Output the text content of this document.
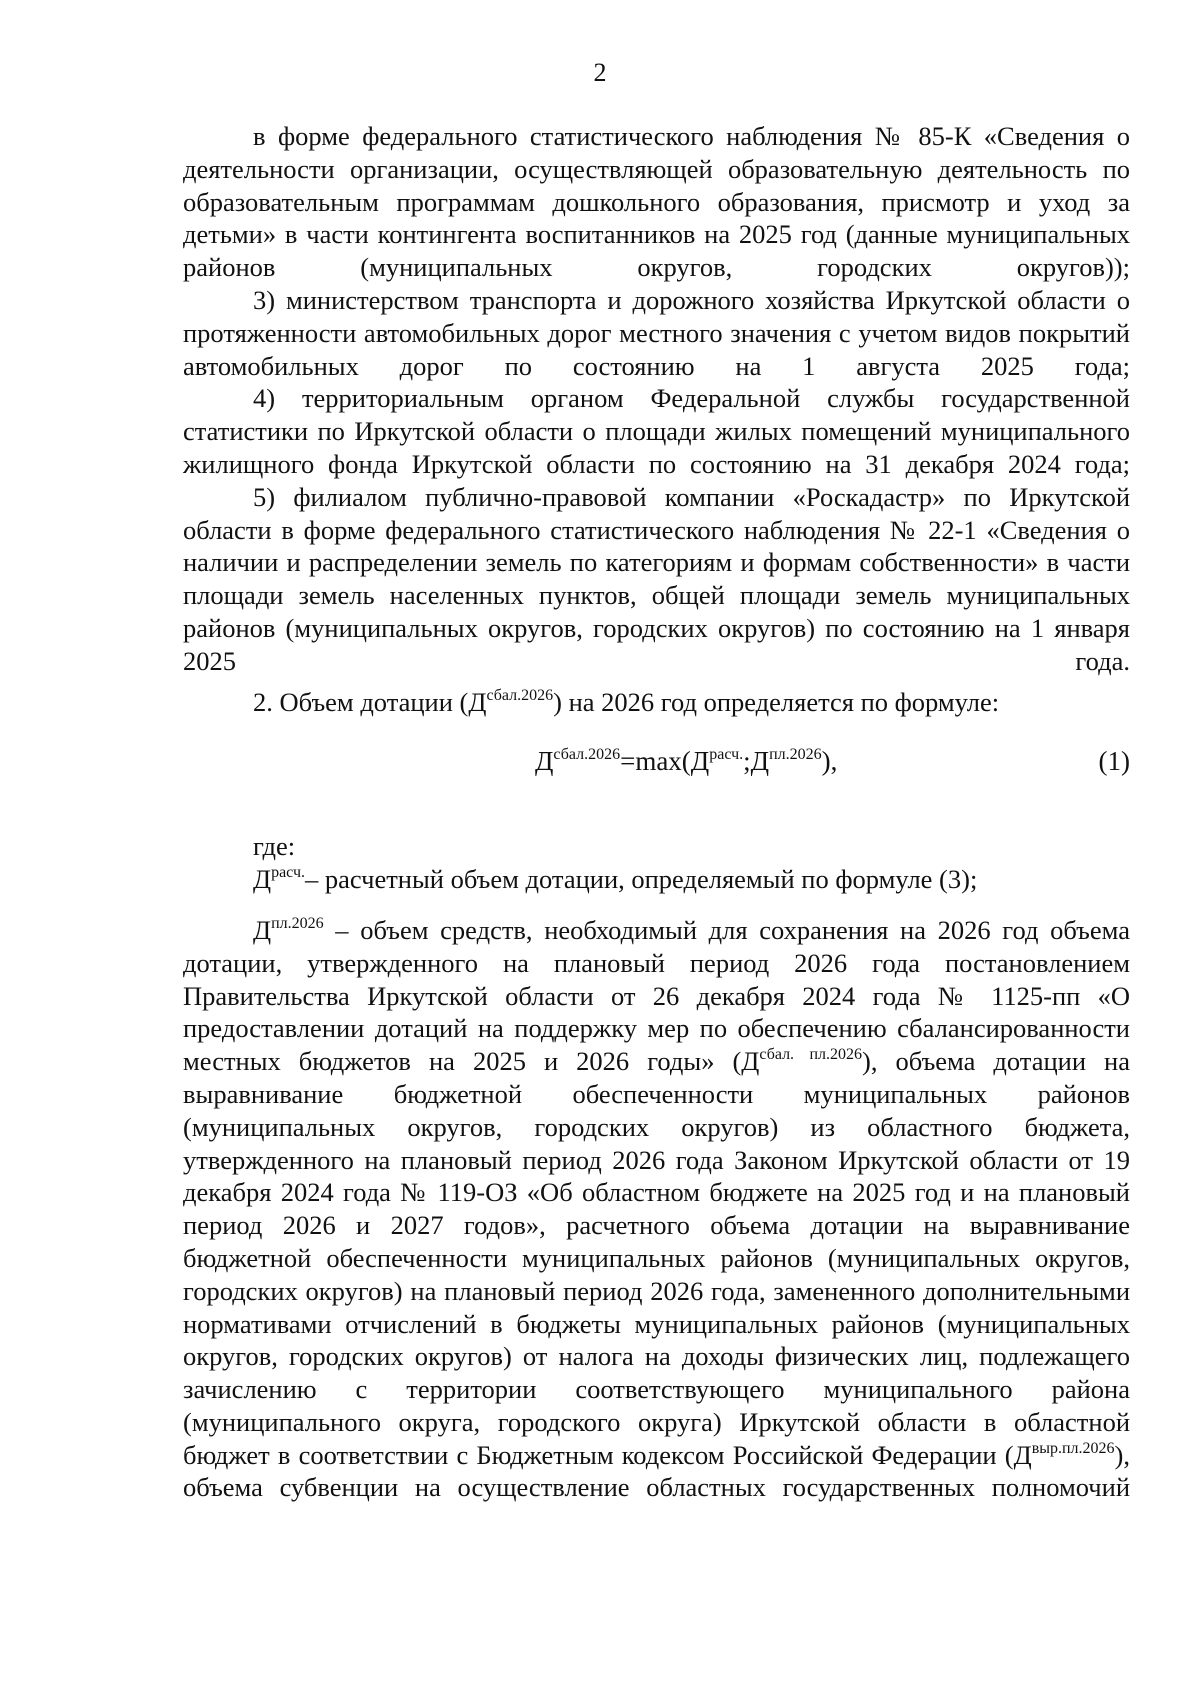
2

в форме федерального статистического наблюдения № 85-К «Сведения о деятельности организации, осуществляющей образовательную деятельность по образовательным программам дошкольного образования, присмотр и уход за детьми» в части контингента воспитанников на 2025 год (данные муниципальных районов (муниципальных округов, городских округов));

3) министерством транспорта и дорожного хозяйства Иркутской области о протяженности автомобильных дорог местного значения с учетом видов покрытий автомобильных дорог по состоянию на 1 августа 2025 года;

4) территориальным органом Федеральной службы государственной статистики по Иркутской области о площади жилых помещений муниципального жилищного фонда Иркутской области по состоянию на 31 декабря 2024 года;

5) филиалом публично-правовой компании «Роскадастр» по Иркутской области в форме федерального статистического наблюдения № 22-1 «Сведения о наличии и распределении земель по категориям и формам собственности» в части площади земель населенных пунктов, общей площади земель муниципальных районов (муниципальных округов, городских округов) по состоянию на 1 января 2025 года.

2. Объем дотации $(Д^{сбал.2026})$ на 2026 год определяется по формуле:

$Д^{сбал.2026}=\max(Д^{расч.};Д^{пл.2026})$,	(1)

где:

$Д^{расч.}-$ расчетный объем дотации, определяемый по формуле (3);

$Д^{пл.2026}$ – объем средств, необходимый для сохранения на 2026 год объема дотации, утвержденного на плановый период 2026 года постановлением Правительства Иркутской области от 26 декабря 2024 года № 1125-пп «О предоставлении дотаций на поддержку мер по обеспечению сбалансированности местных бюджетов на 2025 и 2026 годы» $(Д^{сбал. пл.2026})$, объема дотации на выравнивание бюджетной обеспеченности муниципальных районов (муниципальных округов, городских округов) из областного бюджета, утвержденного на плановый период 2026 года Законом Иркутской области от 19 декабря 2024 года № 119-ОЗ «Об областном бюджете на 2025 год и на плановый период 2026 и 2027 годов», расчетного объема дотации на выравнивание бюджетной обеспеченности муниципальных районов (муниципальных округов, городских округов) на плановый период 2026 года, замененного дополнительными нормативами отчислений в бюджеты муниципальных районов (муниципальных округов, городских округов) от налога на доходы физических лиц, подлежащего зачислению с территории соответствующего муниципального района (муниципального округа, городского округа) Иркутской области в областной бюджет в соответствии с Бюджетным кодексом Российской Федерации $(Д^{выр.пл.2026})$, объема субвенции на осуществление областных государственных полномочий
